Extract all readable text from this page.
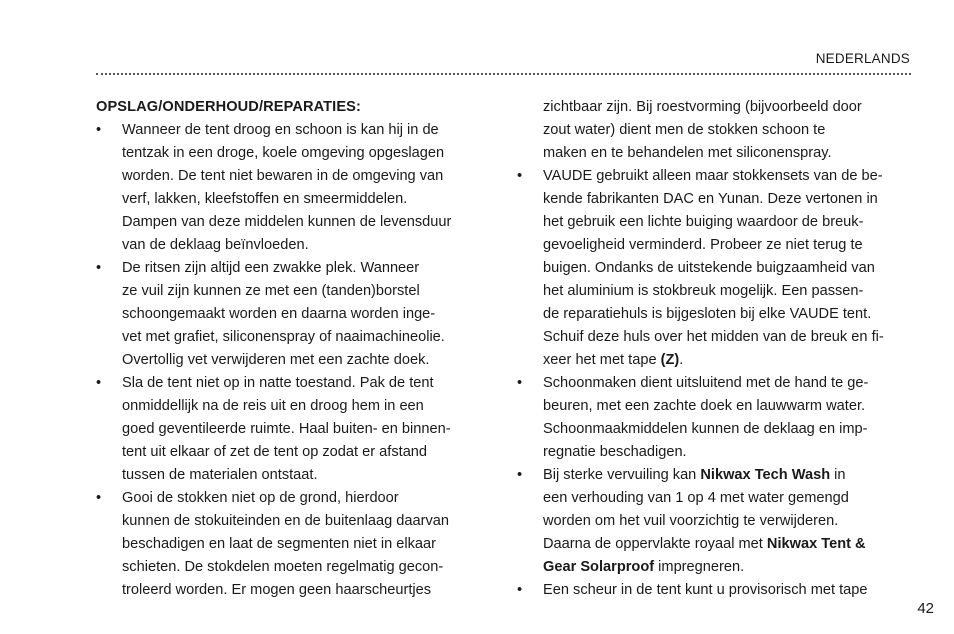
NEDERLANDS
OPSLAG/ONDERHOUD/REPARATIES:
• Wanneer de tent droog en schoon is kan hij in de
tentzak in een droge, koele omgeving opgeslagen
worden. De tent niet bewaren in de omgeving van
verf, lakken, kleefstoffen en smeermiddelen.
Dampen van deze middelen kunnen de levensduur
van de deklaag beïnvloeden.
• De ritsen zijn altijd een zwakke plek. Wanneer
ze vuil zijn kunnen ze met een (tanden)borstel
schoongemaakt worden en daarna worden inge-
vet met grafiet, siliconenspray of naaimachineolie.
Overtollig vet verwijderen met een zachte doek.
• Sla de tent niet op in natte toestand. Pak de tent
onmiddellijk na de reis uit en droog hem in een
goed geventileerde ruimte. Haal buiten- en binnen-
tent uit elkaar of zet de tent op zodat er afstand
tussen de materialen ontstaat.
• Gooi de stokken niet op de grond, hierdoor
kunnen de stokuiteinden en de buitenlaag daarvan
beschadigen en laat de segmenten niet in elkaar
schieten. De stokdelen moeten regelmatig gecon-
troleerd worden. Er mogen geen haarscheurtjes
zichtbaar zijn. Bij roestvorming (bijvoorbeeld door
zout water) dient men de stokken schoon te
maken en te behandelen met siliconenspray.
• VAUDE gebruikt alleen maar stokkensets van de be-
kende fabrikanten DAC en Yunan. Deze vertonen in
het gebruik een lichte buiging waardoor de breuk-
gevoeligheid verminderd. Probeer ze niet terug te
buigen. Ondanks de uitstekende buigzaamheid van
het aluminium is stokbreuk mogelijk. Een passen-
de reparatiehuls is bijgesloten bij elke VAUDE tent.
Schuif deze huls over het midden van de breuk en fi-
xeer het met tape (Z).
• Schoonmaken dient uitsluitend met de hand te ge-
beuren, met een zachte doek en lauwwarm water.
Schoonmaakmiddelen kunnen de deklaag en imp-
regnatie beschadigen.
• Bij sterke vervuiling kan Nikwax Tech Wash in
een verhouding van 1 op 4 met water gemengd
worden om het vuil voorzichtig te verwijderen.
Daarna de oppervlakte royaal met Nikwax Tent &
Gear Solarproof impregneren.
• Een scheur in de tent kunt u provisorisch met tape
42
